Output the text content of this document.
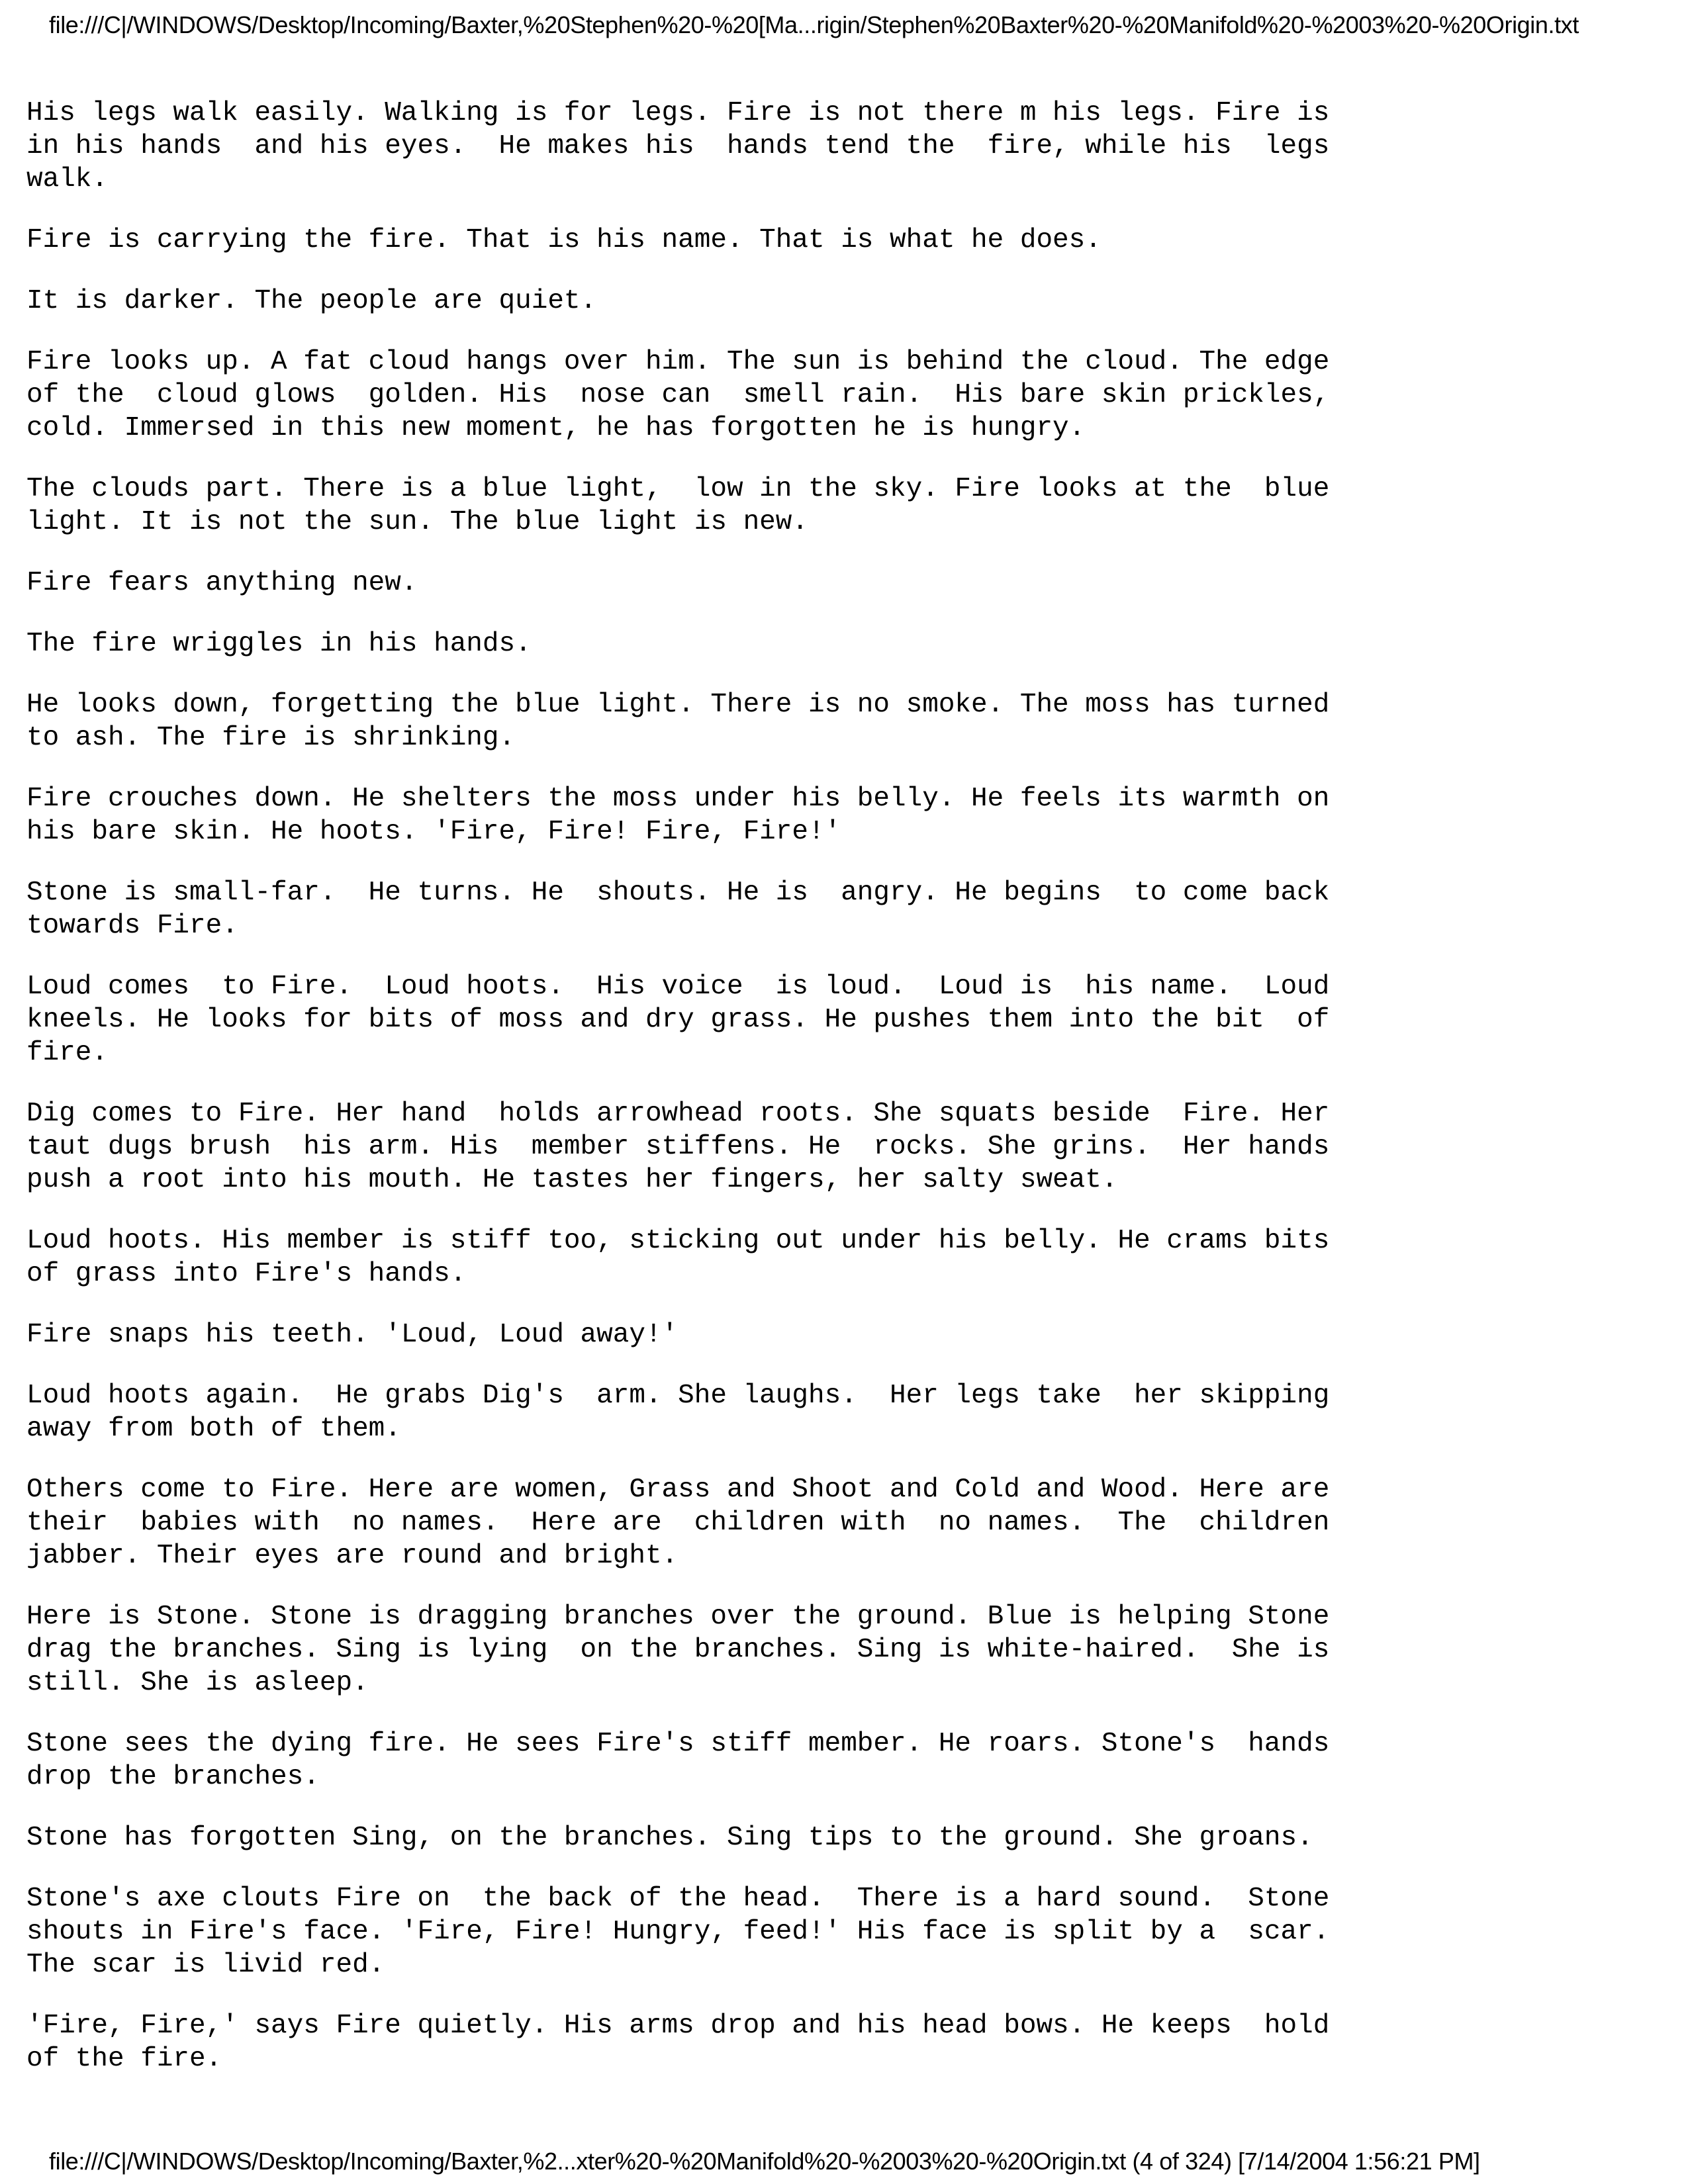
file:///C|/WINDOWS/Desktop/Incoming/Baxter,%20Stephen%20-%20[Ma...rigin/Stephen%20Baxter%20-%20Manifold%20-%2003%20-%20Origin.txt

His legs walk easily. Walking is for legs. Fire is not there m his legs. Fire is
in his hands  and his eyes.  He makes his  hands tend the  fire, while his  legs
walk.

Fire is carrying the fire. That is his name. That is what he does.

It is darker. The people are quiet.

Fire looks up. A fat cloud hangs over him. The sun is behind the cloud. The edge
of the  cloud glows  golden. His  nose can  smell rain.  His bare skin prickles,
cold. Immersed in this new moment, he has forgotten he is hungry.

The clouds part. There is a blue light,  low in the sky. Fire looks at the  blue
light. It is not the sun. The blue light is new.

Fire fears anything new.

The fire wriggles in his hands.

He looks down, forgetting the blue light. There is no smoke. The moss has turned
to ash. The fire is shrinking.

Fire crouches down. He shelters the moss under his belly. He feels its warmth on
his bare skin. He hoots. 'Fire, Fire! Fire, Fire!'

Stone is small-far.  He turns. He  shouts. He is  angry. He begins  to come back
towards Fire.

Loud comes  to Fire.  Loud hoots.  His voice  is loud.  Loud is  his name.  Loud
kneels. He looks for bits of moss and dry grass. He pushes them into the bit  of
fire.

Dig comes to Fire. Her hand  holds arrowhead roots. She squats beside  Fire. Her
taut dugs brush  his arm. His  member stiffens. He  rocks. She grins.  Her hands
push a root into his mouth. He tastes her fingers, her salty sweat.

Loud hoots. His member is stiff too, sticking out under his belly. He crams bits
of grass into Fire's hands.

Fire snaps his teeth. 'Loud, Loud away!'

Loud hoots again.  He grabs Dig's  arm. She laughs.  Her legs take  her skipping
away from both of them.

Others come to Fire. Here are women, Grass and Shoot and Cold and Wood. Here are
their  babies with  no names.  Here are  children with  no names.  The  children
jabber. Their eyes are round and bright.

Here is Stone. Stone is dragging branches over the ground. Blue is helping Stone
drag the branches. Sing is lying  on the branches. Sing is white-haired.  She is
still. She is asleep.

Stone sees the dying fire. He sees Fire's stiff member. He roars. Stone's  hands
drop the branches.

Stone has forgotten Sing, on the branches. Sing tips to the ground. She groans.

Stone's axe clouts Fire on  the back of the head.  There is a hard sound.  Stone
shouts in Fire's face. 'Fire, Fire! Hungry, feed!' His face is split by a  scar.
The scar is livid red.

'Fire, Fire,' says Fire quietly. His arms drop and his head bows. He keeps  hold
of the fire.

file:///C|/WINDOWS/Desktop/Incoming/Baxter,%2...xter%20-%20Manifold%20-%2003%20-%20Origin.txt (4 of 324) [7/14/2004 1:56:21 PM]
